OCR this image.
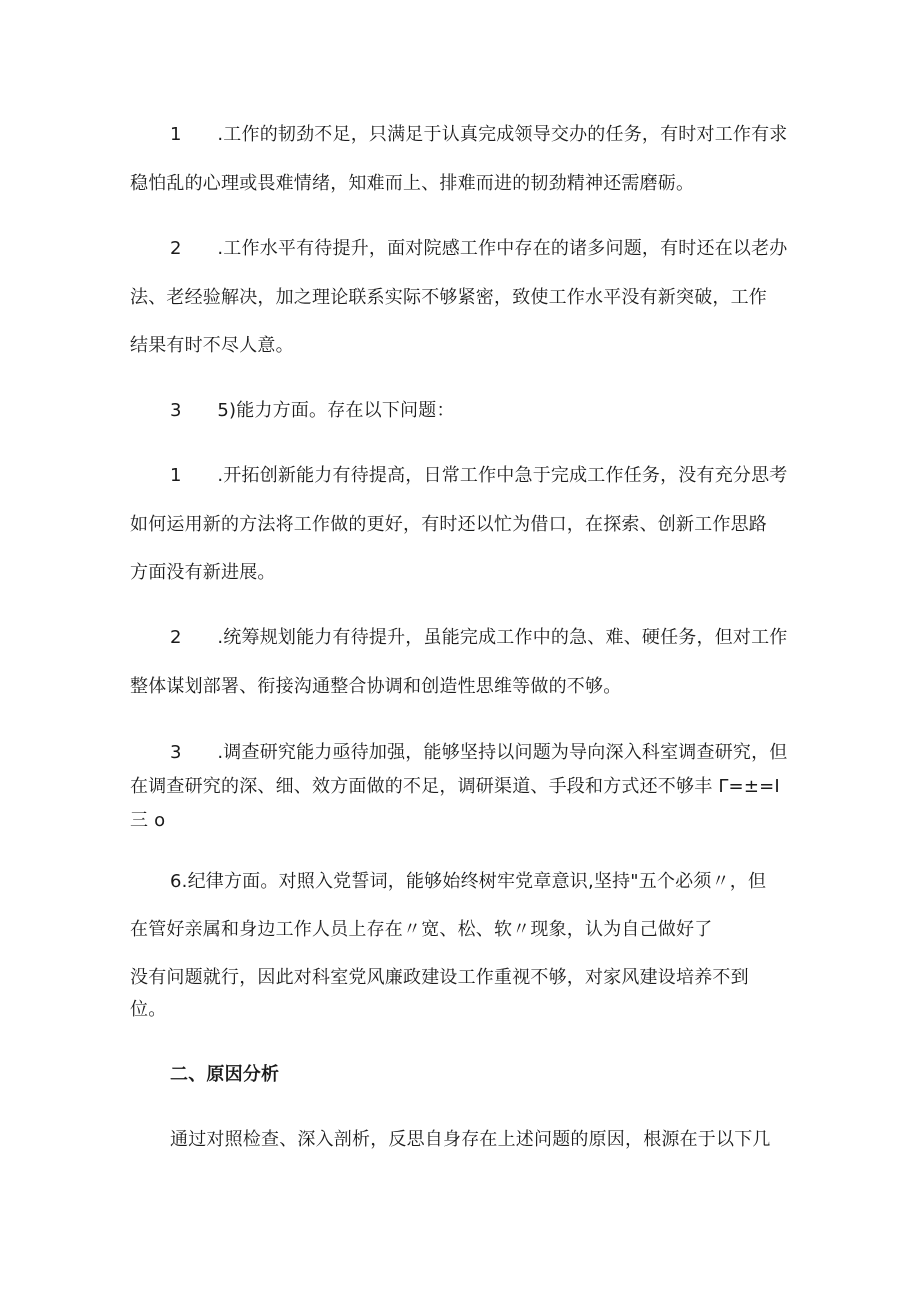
1	.工作的韧劲不足，只满足于认真完成领导交办的任务，有时对工作有求
稳怕乱的心理或畏难情绪，知难而上、排难而进的韧劲精神还需磨砺。
2	.工作水平有待提升，面对院感工作中存在的诸多问题，有时还在以老办
法、老经验解决，加之理论联系实际不够紧密，致使工作水平没有新突破，工作
结果有时不尽人意。
3	5)能力方面。存在以下问题：
1	.开拓创新能力有待提高，日常工作中急于完成工作任务，没有充分思考
如何运用新的方法将工作做的更好，有时还以忙为借口，在探索、创新工作思路
方面没有新进展。
2	.统筹规划能力有待提升，虽能完成工作中的急、难、硬任务，但对工作
整体谋划部署、衔接沟通整合协调和创造性思维等做的不够。
3	.调查研究能力亟待加强，能够坚持以问题为导向深入科室调查研究，但
在调查研究的深、细、效方面做的不足，调研渠道、手段和方式还不够丰 Γ=±=I
三 o
6.纪律方面。对照入党誓词，能够始终树牢党章意识,坚持"五个必须〃，但
在管好亲属和身边工作人员上存在〃宽、松、软〃现象，认为自己做好了
没有问题就行，因此对科室党风廉政建设工作重视不够，对家风建设培养不到
位。
二、原因分析
通过对照检查、深入剖析，反思自身存在上述问题的原因，根源在于以下几
